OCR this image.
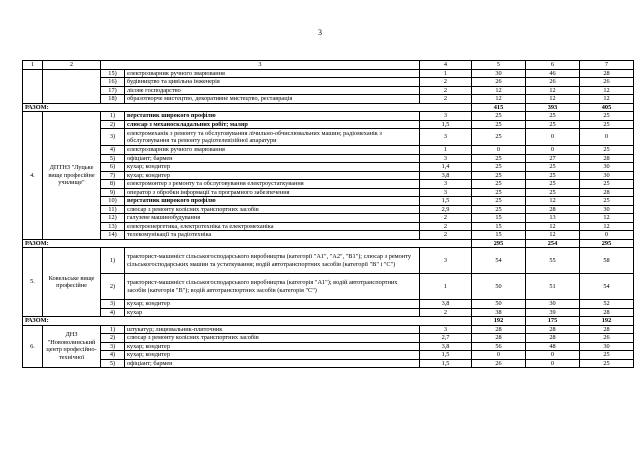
3
1	2	3		4	5	6	7
		15)	електрозварник ручного зварювання	1	30	46	28
		16)	будівництво та цивільна інженерія	2	26	26	26
		17)	лісове господарство	2	12	12	12
		18)	образотворче мистецтво, декоративне мистецтво, реставрація	2	12	12	12
РАЗОМ:					415	393	405
4.	ДПТНЗ "Луцьке вище професійне училище"	1)	верстатник широкого профілю	3	25	25	25
		2)	слюсар з механоскладальних робіт; маляр	1,5	25	25	25
		3)	електромеханік з ремонту та обслуговування лічильно-обчислювальних машин; радіомеханік з обслуговування та ремонту радіотелевізійної апаратури	3	25	0	0
		4)	електрозварник ручного зварювання	1	0	0	25
		5)	офіціант; бармен	3	25	27	28
		6)	кухар; кондитер	1,4	25	25	30
		7)	кухар; кондитер	3,8	25	25	30
		8)	електромонтер з ремонту та обслуговування електроустаткування	3	25	25	25
		9)	оператор з обробки інформації та програмного забезпечення	3	25	25	28
		10)	верстатник широкого профілю	1,5	25	12	25
		11)	слюсар з ремонту колісних транспортних засобів	2,9	25	28	30
		12)	галузеве машинобудування	2	15	13	12
		13)	електроенергетика, електротехніка та електромеханіка	2	15	12	12
		14)	телекомунікації та радіотехніка	2	15	12	0
РАЗОМ:					295	254	295
5.	Ковельське вище професійне	1)	тракторист-машиніст сільськогосподарського виробництва (категорії "А1", "А2", "В1"); слюсар з ремонту сільськогосподарських машин та устаткування; водій автотранспортних засобів (категорії "В" і "С")	3	54	55	58
		2)	тракторист-машиніст сільськогосподарського виробництва (категорія "А1"); водій автотранспортних засобів (категорія "В"); водій автотранспортних засобів (категорія "С")	1	50	51	54
		3)	кухар; кондитер	3,8	50	30	52
		4)	кухар	2	38	39	28
РАЗОМ:					192	175	192
6.	ДНЗ "Нововолинський центр професійно-технічної	1)	штукатур; лицювальник-плиточник	3	28	28	28
		2)	слюсар з ремонту колісних транспортних засобів	2,7	28	28	26
		3)	кухар; кондитер	3,8	56	48	30
		4)	кухар; кондитер	1,5	0	0	25
		5)	офіціант; бармен	1,5	26	0	25
